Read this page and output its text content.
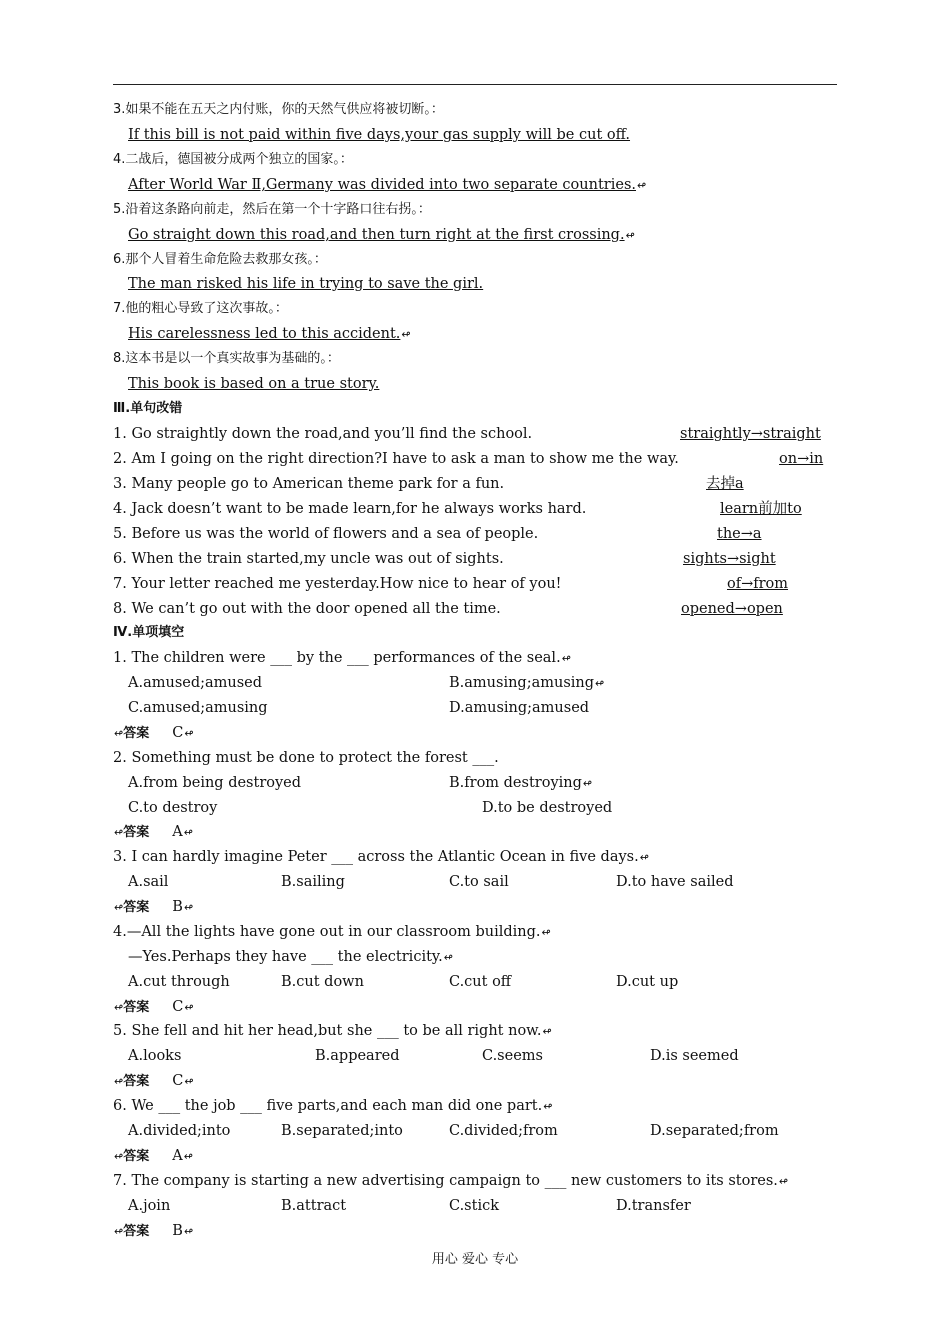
3.如果不能在五天之内付账，你的天然气供应将被切断。：
If this bill is not paid within five days,your gas supply will be cut off.
4.二战后，德国被分成两个独立的国家。：
After World War Ⅱ,Germany was divided into two separate countries.↫
5.沿着这条路向前走，然后在第一个十字路口往右拐。：
Go straight down this road,and then turn right at the first crossing.↫
6.那个人冒着生命危险去救那女孩。：
The man risked his life in trying to save the girl.
7.他的粗心导致了这次事故。：
His carelessness led to this accident.↫
8.这本书是以一个真实故事为基础的。：
This book is based on a true story.
Ⅲ.单句改错
1. Go straightly down the road,and you’ll find the school.	straightly→straight
2. Am I going on the right direction?I have to ask a man to show me the way.	on→in
3. Many people go to American theme park for a fun.	去掉a
4. Jack doesn’t want to be made learn,for he always works hard.	learn前加to
5. Before us was the world of flowers and a sea of people.	the→a
6. When the train started,my uncle was out of sights.	sights→sight
7. Your letter reached me yesterday.How nice to hear of you!	of→from
8. We can’t go out with the door opened all the time.	opened→open
Ⅳ.单项填空
1. The children were ___ by the ___ performances of the seal.↫
A.amused;amused	B.amusing;amusing↫
C.amused;amusing	D.amusing;amused
↫答案 C↫
2. Something must be done to protect the forest ___.
A.from being destroyed	B.from destroying↫
C.to destroy	D.to be destroyed
↫答案 A↫
3. I can hardly imagine Peter ___ across the Atlantic Ocean in five days.↫
A.sail	B.sailing	C.to sail	D.to have sailed
↫答案 B↫
4.—All the lights have gone out in our classroom building.↫
—Yes.Perhaps they have ___ the electricity.↫
A.cut through	B.cut down	C.cut off	D.cut up
↫答案 C↫
5. She fell and hit her head,but she ___ to be all right now.↫
A.looks	B.appeared	C.seems	D.is seemed
↫答案 C↫
6. We ___ the job ___ five parts,and each man did one part.↫
A.divided;into	B.separated;into	C.divided;from	D.separated;from
↫答案 A↫
7. The company is starting a new advertising campaign to ___ new customers to its stores.↫
A.join	B.attract	C.stick	D.transfer
↫答案 B↫
用心 爱心 专心
